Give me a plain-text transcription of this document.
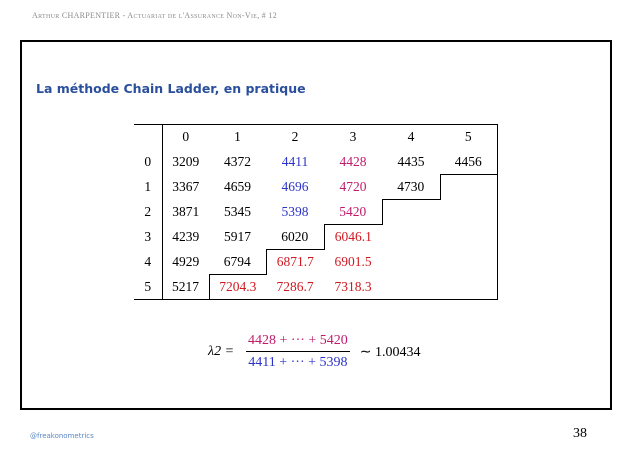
Arthur CHARPENTIER - Actuariat de l'Assurance Non-Vie, # 12
La méthode Chain Ladder, en pratique
	0	1	2	3	4	5
0	3209	4372	4411	4428	4435	4456
1	3367	4659	4696	4720	4730	
2	3871	5345	5398	5420		
3	4239	5917	6020	6046.1		
4	4929	6794	6871.7	6901.5		
5	5217	7204.3	7286.7	7318.3		
$\lambda 2 = \frac{4428 + \cdot\cdot\cdot + 5420}{4411 + \cdot\cdot\cdot + 5398}$ ∼ 1.00434
@freakonometrics	38
